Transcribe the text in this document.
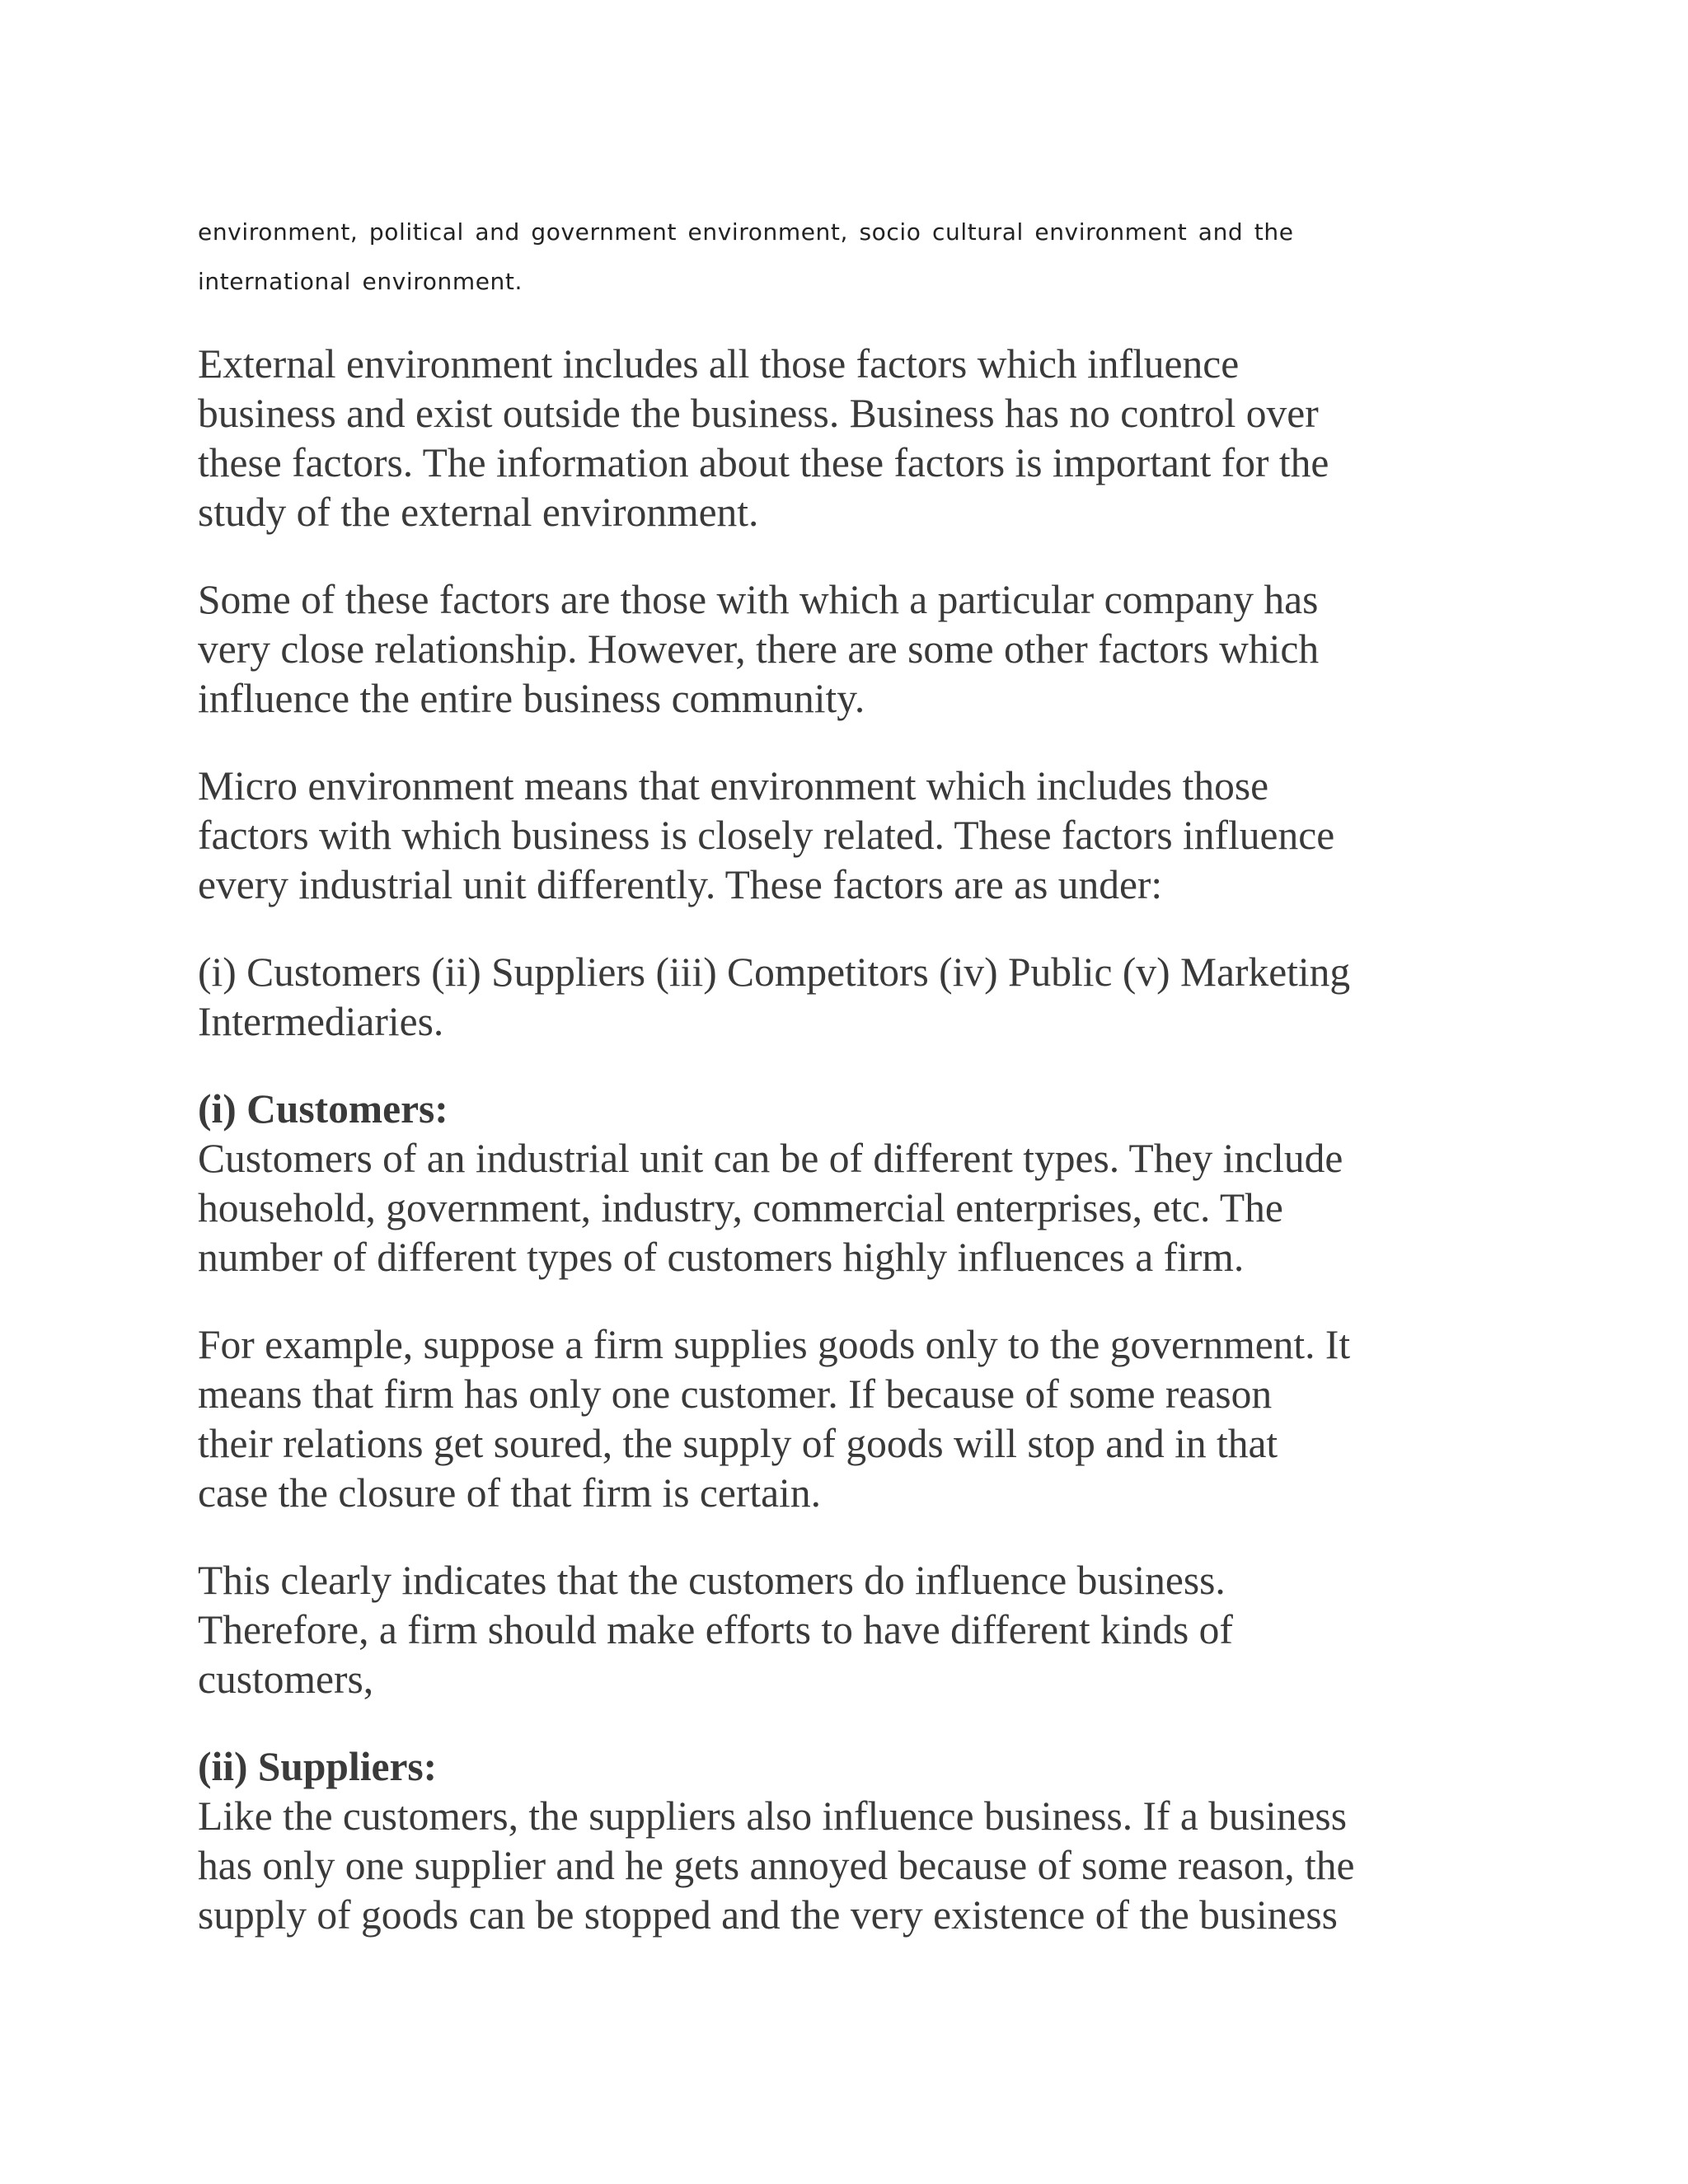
environment, political and government environment, socio cultural environment and the
international environment.

External environment includes all those factors which influence
business and exist outside the business. Business has no control over
these factors. The information about these factors is important for the
study of the external environment.

Some of these factors are those with which a particular company has
very close relationship. However, there are some other factors which
influence the entire business community.

Micro environment means that environment which includes those
factors with which business is closely related. These factors influence
every industrial unit differently. These factors are as under:

(i) Customers (ii) Suppliers (iii) Competitors (iv) Public (v) Marketing
Intermediaries.

(i) Customers:

Customers of an industrial unit can be of different types. They include
household, government, industry, commercial enterprises, etc. The
number of different types of customers highly influences a firm.

For example, suppose a firm supplies goods only to the government. It
means that firm has only one customer. If because of some reason
their relations get soured, the supply of goods will stop and in that
case the closure of that firm is certain.

This clearly indicates that the customers do influence business.
Therefore, a firm should make efforts to have different kinds of
customers,

(ii) Suppliers:

Like the customers, the suppliers also influence business. If a business
has only one supplier and he gets annoyed because of some reason, the
supply of goods can be stopped and the very existence of the business
